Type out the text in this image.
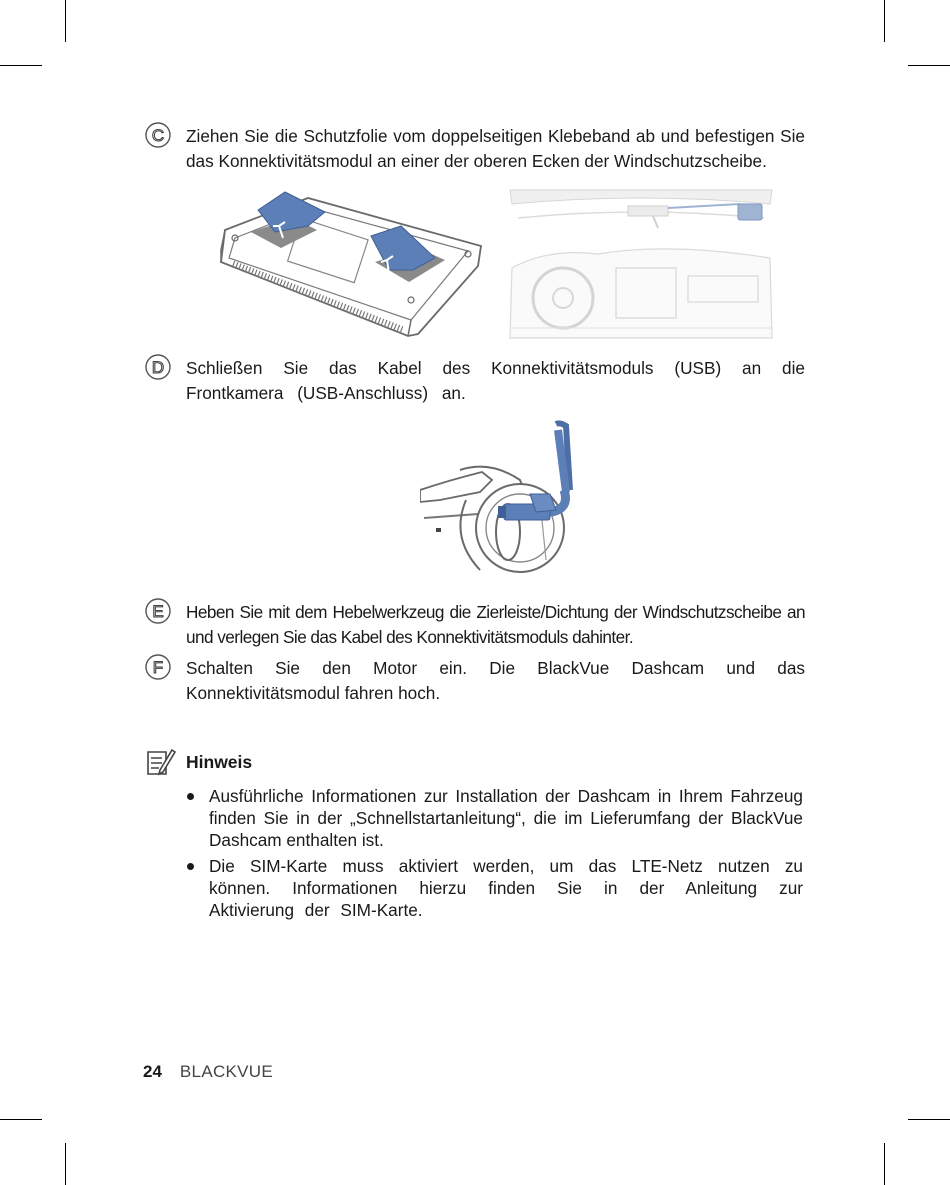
C Ziehen Sie die Schutzfolie vom doppelseitigen Klebeband ab und befestigen Sie das Konnektivitätsmodul an einer der oberen Ecken der Windschutzscheibe.
D Schließen Sie das Kabel des Konnektivitätsmoduls (USB) an die Frontkamera (USB-Anschluss) an.
E Heben Sie mit dem Hebelwerkzeug die Zierleiste/Dichtung der Windschutzscheibe an und verlegen Sie das Kabel des Konnektivitätsmoduls dahinter.
F Schalten Sie den Motor ein. Die BlackVue Dashcam und das Konnektivitätsmodul fahren hoch.
Hinweis
Ausführliche Informationen zur Installation der Dashcam in Ihrem Fahrzeug finden Sie in der „Schnellstartanleitung“, die im Lieferumfang der BlackVue Dashcam enthalten ist.
Die SIM-Karte muss aktiviert werden, um das LTE-Netz nutzen zu können. Informationen hierzu finden Sie in der Anleitung zur Aktivierung der SIM-Karte.
24 BLACKVUE
